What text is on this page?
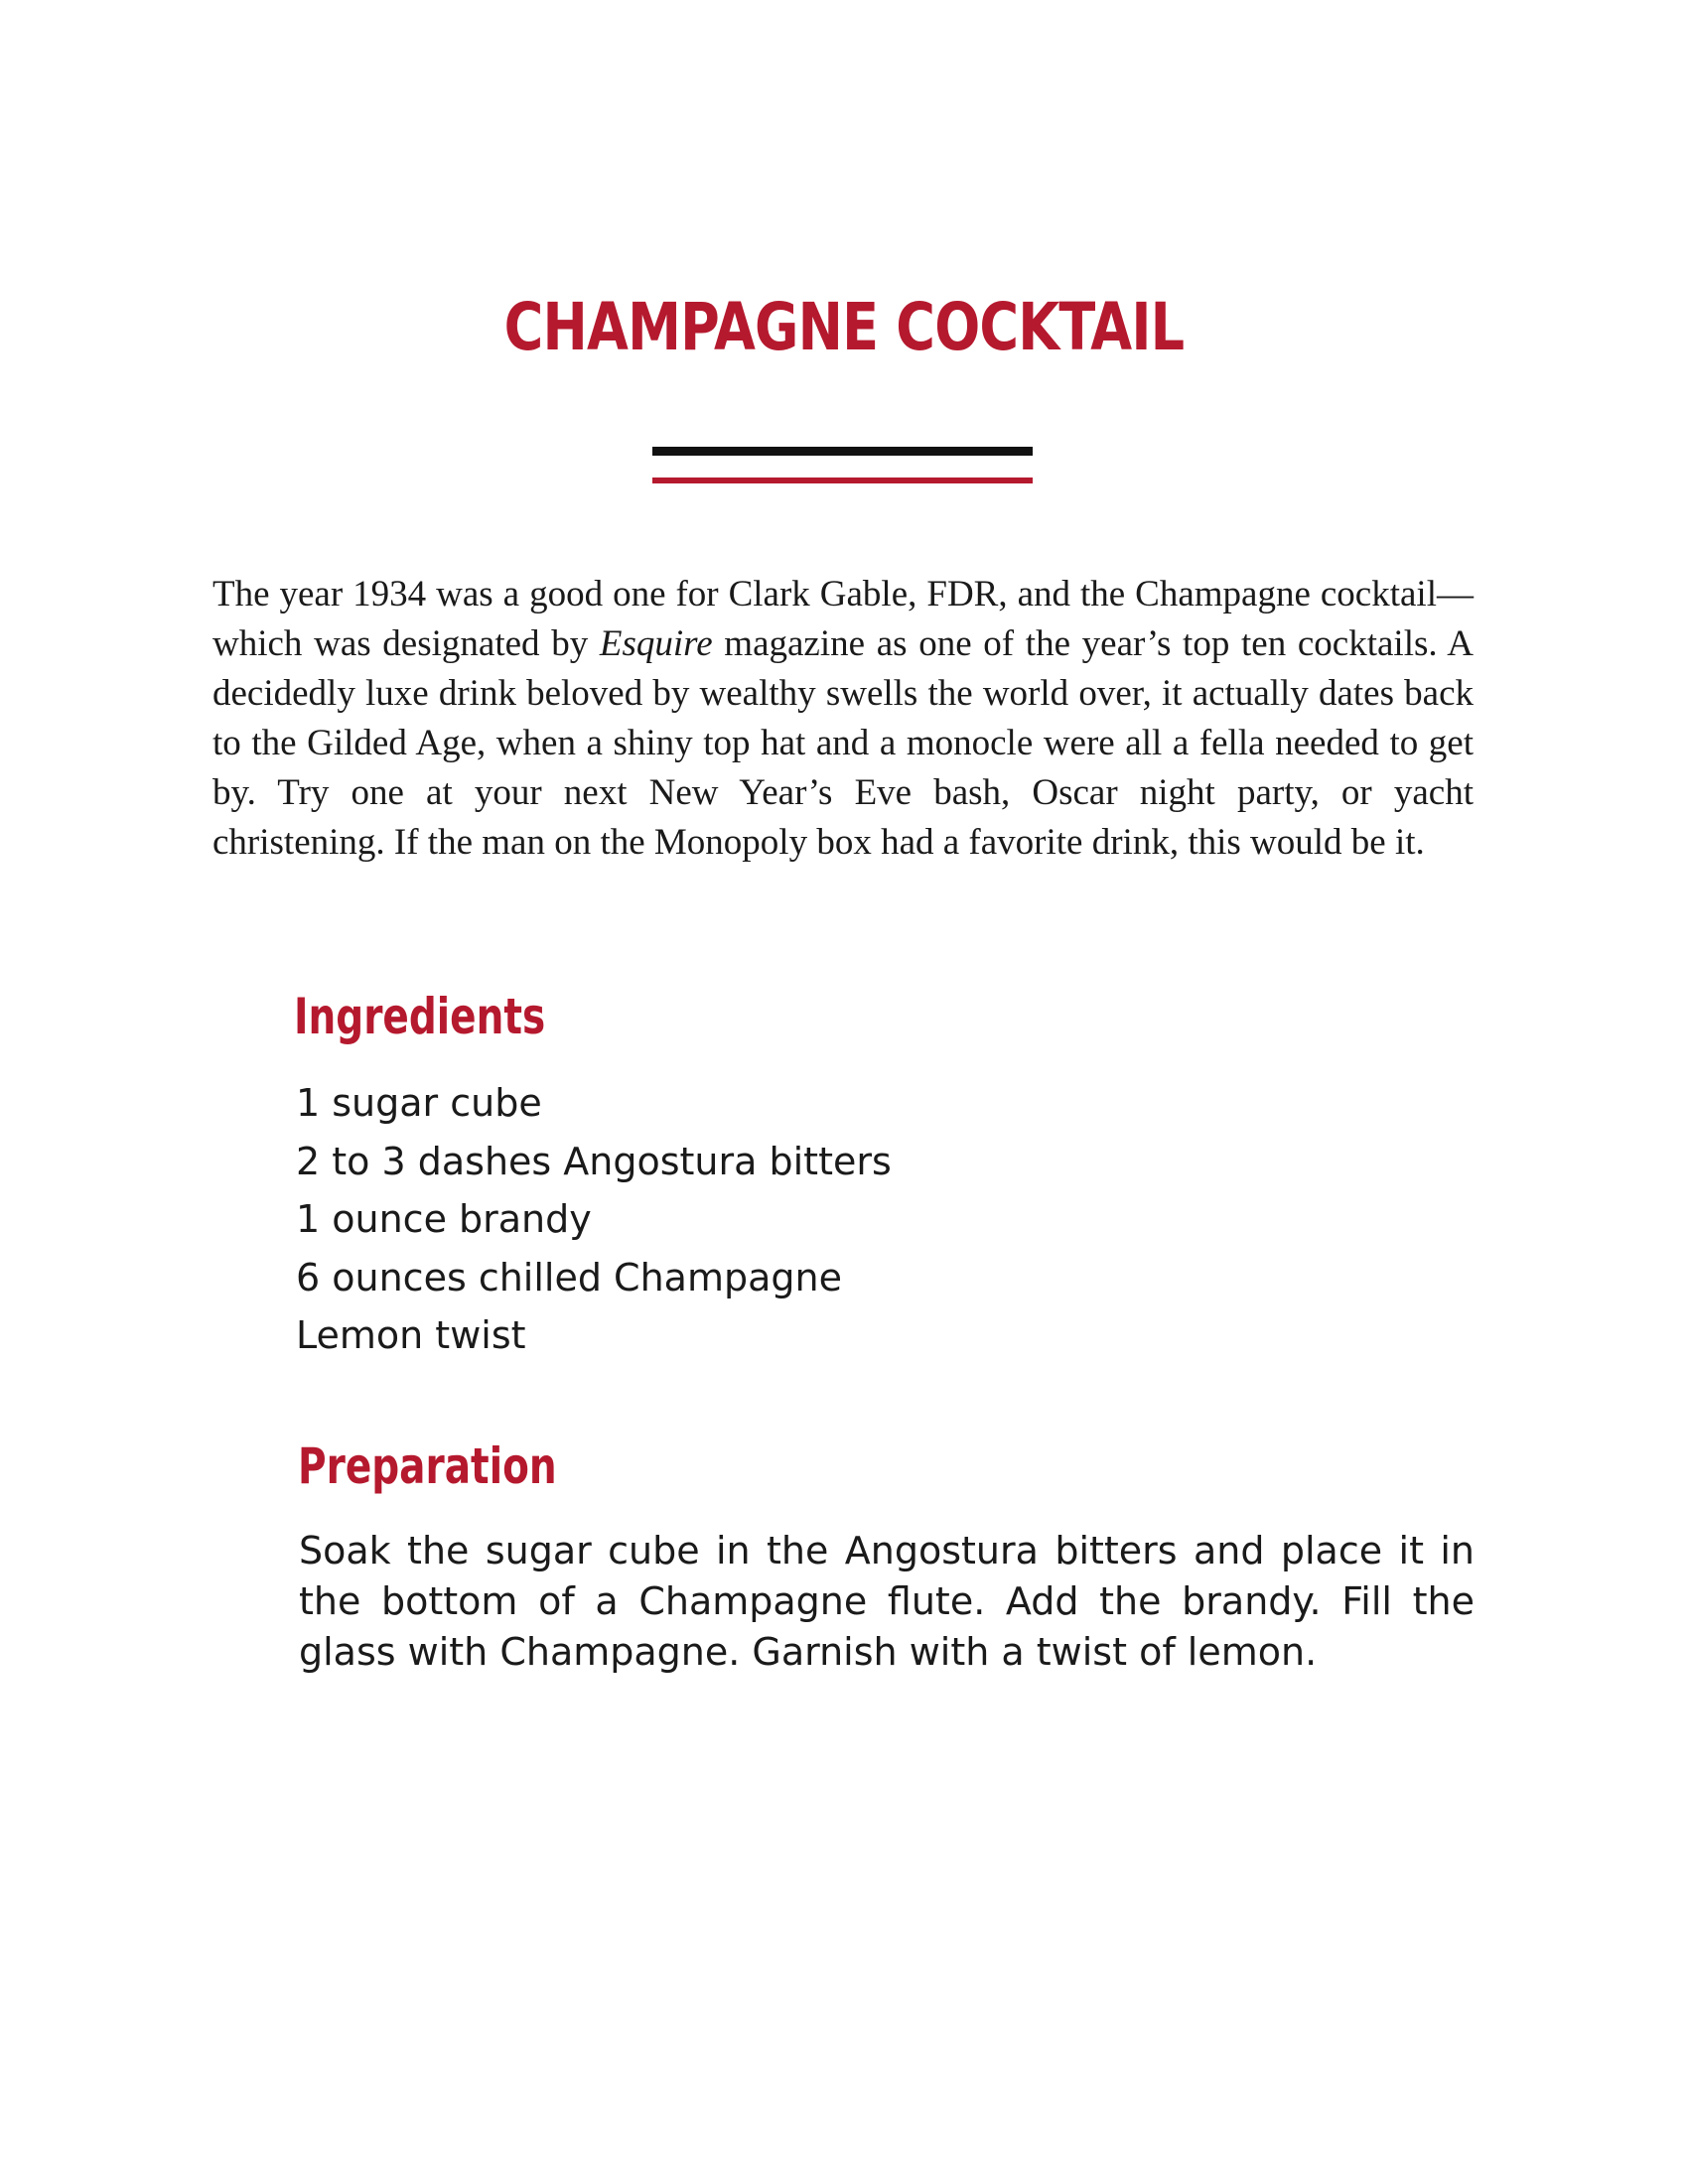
CHAMPAGNE COCKTAIL

The year 1934 was a good one for Clark Gable, FDR, and the Champagne cocktail—which was designated by Esquire magazine as one of the year’s top ten cocktails. A decidedly luxe drink beloved by wealthy swells the world over, it actually dates back to the Gilded Age, when a shiny top hat and a monocle were all a fella needed to get by. Try one at your next New Year’s Eve bash, Oscar night party, or yacht christening. If the man on the Monopoly box had a favorite drink, this would be it.

Ingredients
1 sugar cube
2 to 3 dashes Angostura bitters
1 ounce brandy
6 ounces chilled Champagne
Lemon twist
Preparation

Soak the sugar cube in the Angostura bitters and place it in the bottom of a Champagne flute. Add the brandy. Fill the glass with Champagne. Garnish with a twist of lemon.
